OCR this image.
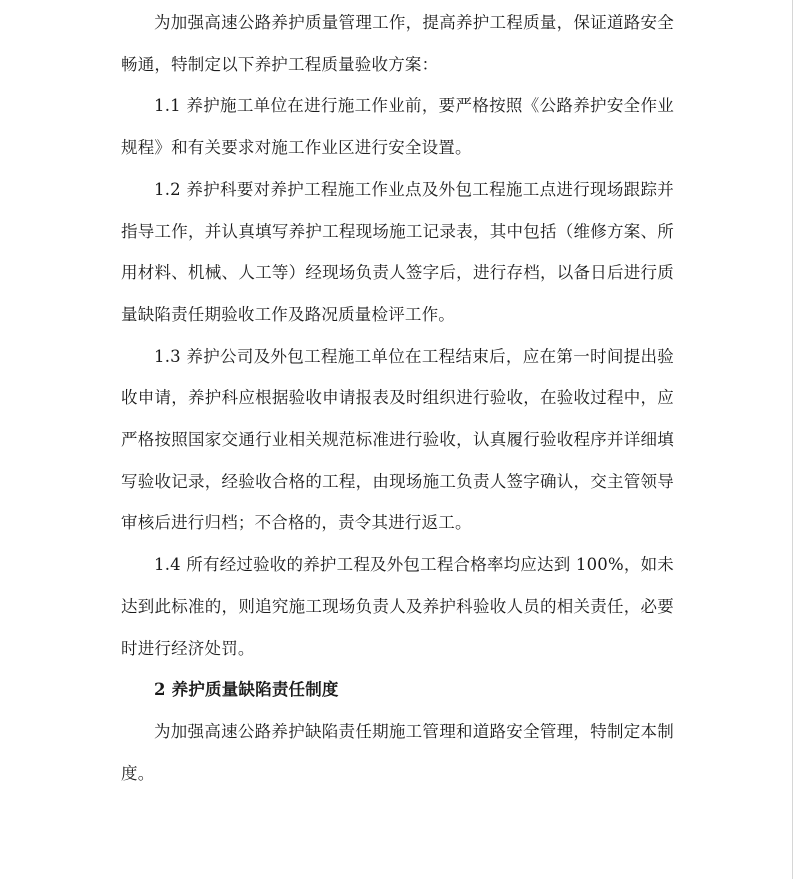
为加强高速公路养护质量管理工作，提高养护工程质量，保证道路安全畅通，特制定以下养护工程质量验收方案：

1.1 养护施工单位在进行施工作业前，要严格按照《公路养护安全作业规程》和有关要求对施工作业区进行安全设置。

1.2 养护科要对养护工程施工作业点及外包工程施工点进行现场跟踪并指导工作，并认真填写养护工程现场施工记录表，其中包括（维修方案、所用材料、机械、人工等）经现场负责人签字后，进行存档，以备日后进行质量缺陷责任期验收工作及路况质量检评工作。

1.3 养护公司及外包工程施工单位在工程结束后，应在第一时间提出验收申请，养护科应根据验收申请报表及时组织进行验收，在验收过程中，应严格按照国家交通行业相关规范标准进行验收，认真履行验收程序并详细填写验收记录，经验收合格的工程，由现场施工负责人签字确认，交主管领导审核后进行归档；不合格的，责令其进行返工。

1.4 所有经过验收的养护工程及外包工程合格率均应达到 100%，如未达到此标准的，则追究施工现场负责人及养护科验收人员的相关责任，必要时进行经济处罚。

2 养护质量缺陷责任制度

为加强高速公路养护缺陷责任期施工管理和道路安全管理，特制定本制度。
